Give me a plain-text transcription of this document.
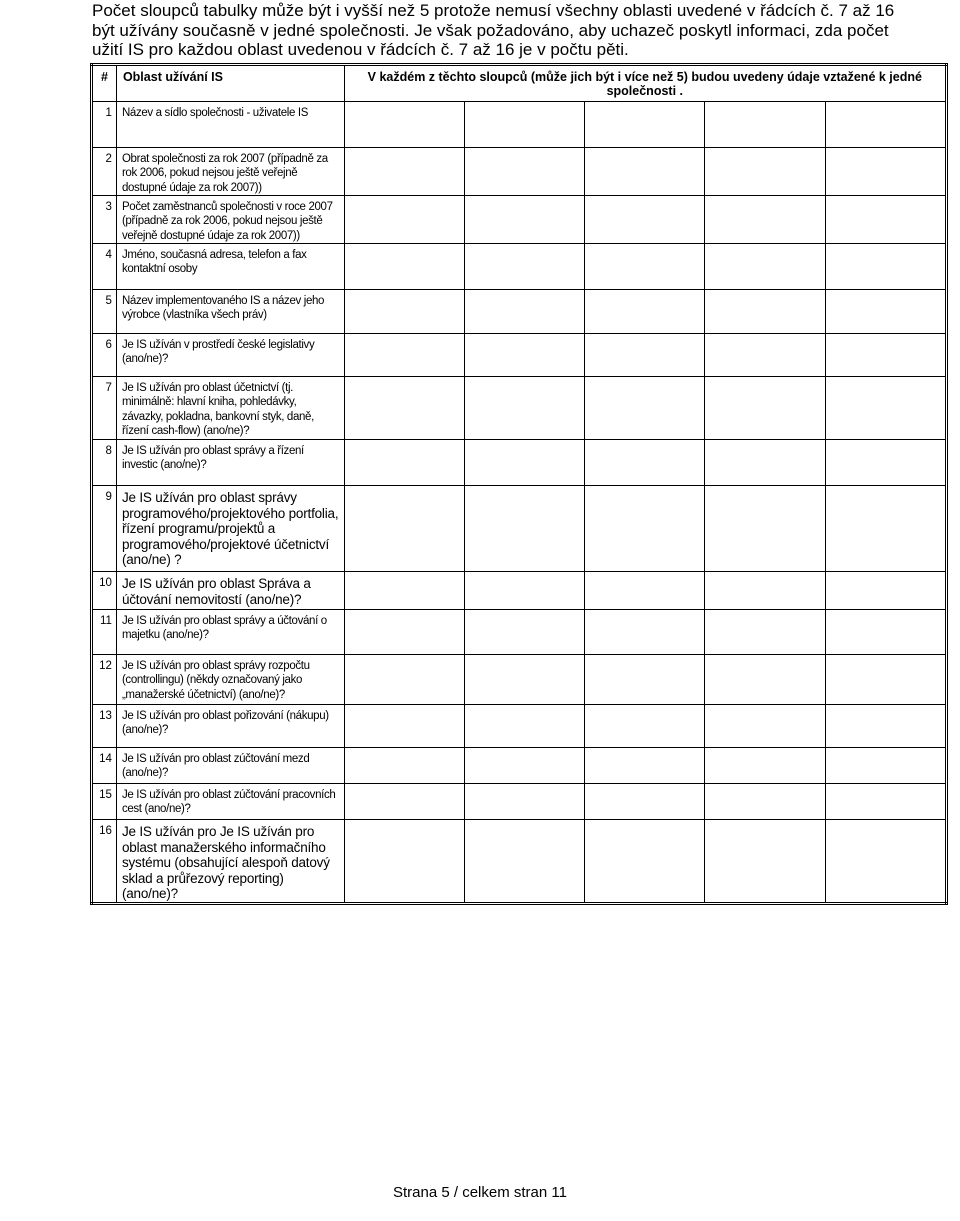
Počet sloupců tabulky může být i vyšší než 5 protože nemusí všechny oblasti uvedené v řádcích č. 7 až 16

být užívány současně v jedné společnosti. Je však požadováno, aby uchazeč poskytl informaci, zda počet

užití IS pro každou oblast uvedenou v řádcích č. 7 až 16 je v počtu pěti.

#	Oblast užívání IS	V každém z těchto sloupců (může jich být i více než 5) budou uvedeny údaje vztažené k jedné společnosti .				
1	Název a sídlo společnosti - uživatele IS					
2	Obrat společnosti za rok 2007 (případně za rok 2006, pokud nejsou ještě veřejně dostupné údaje za rok 2007))					
3	Počet zaměstnanců společnosti v roce 2007 (případně za rok 2006, pokud nejsou ještě veřejně dostupné údaje za rok 2007))					
4	Jméno, současná adresa, telefon a fax kontaktní osoby					
5	Název implementovaného IS a název jeho výrobce (vlastníka všech práv)					
6	Je IS užíván v prostředí české legislativy (ano/ne)?					
7	Je IS užíván pro oblast účetnictví (tj. minimálně: hlavní kniha, pohledávky, závazky, pokladna, bankovní styk, daně, řízení cash-flow) (ano/ne)?					
8	Je IS užíván pro oblast správy a řízení investic (ano/ne)?					
9	Je IS užíván pro oblast správy programového/projektového portfolia, řízení programu/projektů a programového/projektové účetnictví (ano/ne) ?					
10	Je IS užíván pro oblast Správa a účtování nemovitostí (ano/ne)?					
11	Je IS užíván pro oblast správy a účtování o majetku (ano/ne)?					
12	Je IS užíván pro oblast správy rozpočtu (controllingu) (někdy označovaný jako „manažerské účetnictví) (ano/ne)?					
13	Je IS užíván pro oblast pořizování (nákupu) (ano/ne)?					
14	Je IS užíván pro oblast zúčtování mezd (ano/ne)?					
15	Je IS užíván pro oblast zúčtování pracovních cest (ano/ne)?					
16	Je IS užíván pro Je IS užíván pro oblast manažerského informačního systému (obsahující alespoň datový sklad a průřezový reporting) (ano/ne)?					
Strana 5 / celkem stran 11
